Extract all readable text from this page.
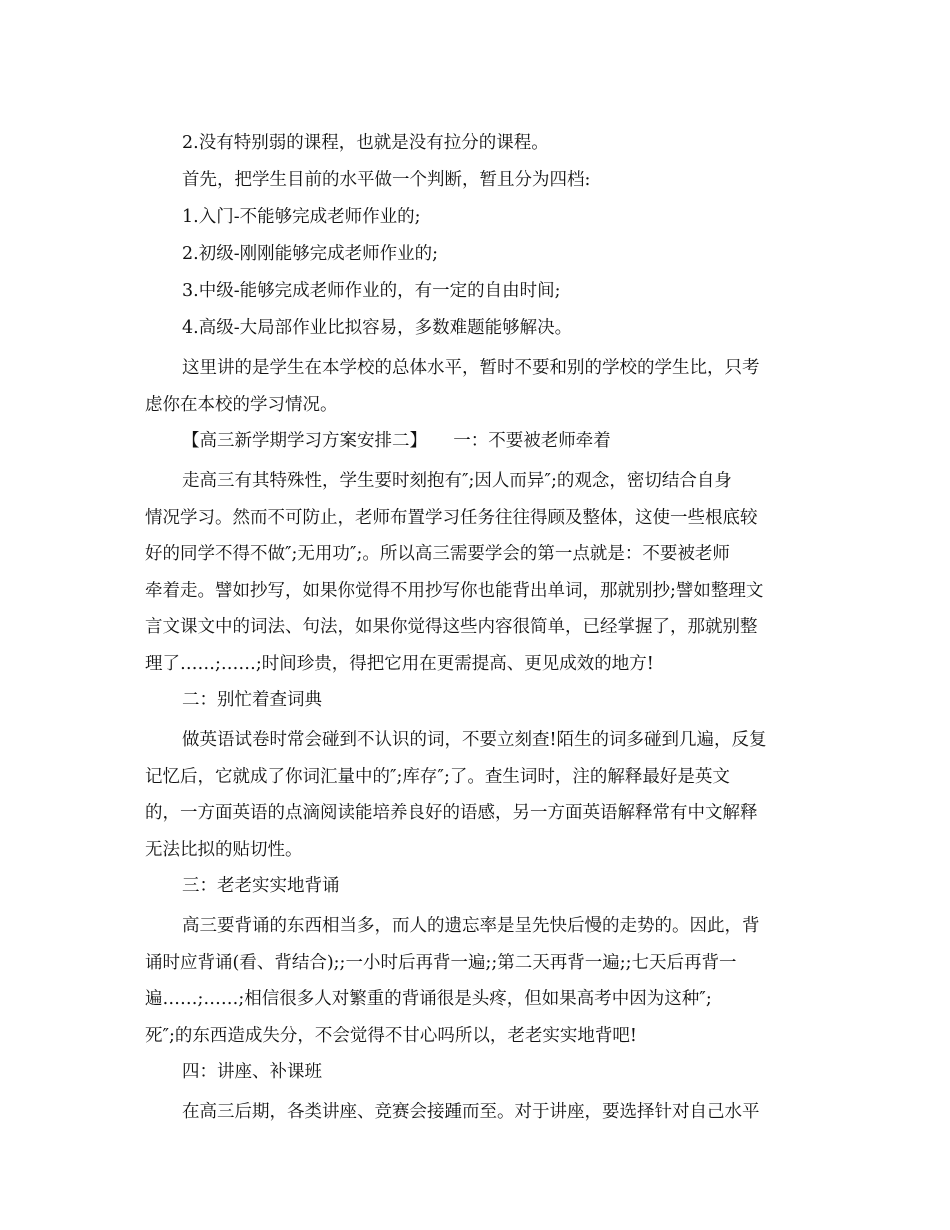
2.没有特别弱的课程，也就是没有拉分的课程。
首先，把学生目前的水平做一个判断，暂且分为四档:
1.入门-不能够完成老师作业的;
2.初级-刚刚能够完成老师作业的;
3.中级-能够完成老师作业的，有一定的自由时间;
4.高级-大局部作业比拟容易，多数难题能够解决。
这里讲的是学生在本学校的总体水平，暂时不要和别的学校的学生比，只考
虑你在本校的学习情况。
【高三新学期学习方案安排二】　　一：不要被老师牵着
走高三有其特殊性，学生要时刻抱有″;因人而异″;的观念，密切结合自身
情况学习。然而不可防止，老师布置学习任务往往得顾及整体，这使一些根底较
好的同学不得不做″;无用功″;。所以高三需要学会的第一点就是：不要被老师
牵着走。譬如抄写，如果你觉得不用抄写你也能背出单词，那就别抄;譬如整理文
言文课文中的词法、句法，如果你觉得这些内容很简单，已经掌握了，那就别整
理了……;……;时间珍贵，得把它用在更需提高、更见成效的地方!
二：别忙着查词典
做英语试卷时常会碰到不认识的词，不要立刻查!陌生的词多碰到几遍，反复
记忆后，它就成了你词汇量中的″;库存″;了。查生词时，注的解释最好是英文
的，一方面英语的点滴阅读能培养良好的语感，另一方面英语解释常有中文解释
无法比拟的贴切性。
三：老老实实地背诵
高三要背诵的东西相当多，而人的遗忘率是呈先快后慢的走势的。因此，背
诵时应背诵(看、背结合);;一小时后再背一遍;;第二天再背一遍;;七天后再背一
遍……;……;相信很多人对繁重的背诵很是头疼，但如果高考中因为这种″;
死″;的东西造成失分，不会觉得不甘心吗所以，老老实实地背吧!
四：讲座、补课班
在高三后期，各类讲座、竞赛会接踵而至。对于讲座，要选择针对自己水平
